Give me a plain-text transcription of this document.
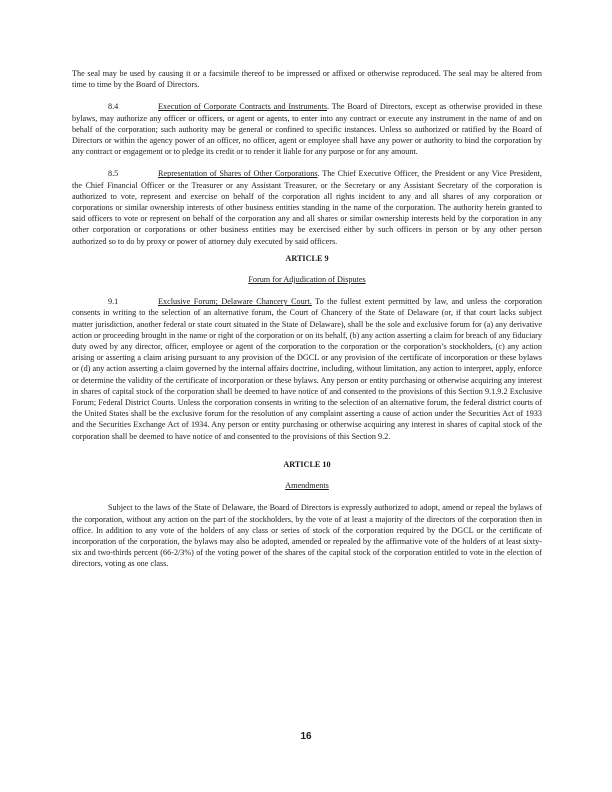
The seal may be used by causing it or a facsimile thereof to be impressed or affixed or otherwise reproduced. The seal may be altered from time to time by the Board of Directors.

8.4	Execution of Corporate Contracts and Instruments. The Board of Directors, except as otherwise provided in these bylaws, may authorize any officer or officers, or agent or agents, to enter into any contract or execute any instrument in the name of and on behalf of the corporation; such authority may be general or confined to specific instances. Unless so authorized or ratified by the Board of Directors or within the agency power of an officer, no officer, agent or employee shall have any power or authority to bind the corporation by any contract or engagement or to pledge its credit or to render it liable for any purpose or for any amount.

8.5	Representation of Shares of Other Corporations. The Chief Executive Officer, the President or any Vice President, the Chief Financial Officer or the Treasurer or any Assistant Treasurer, or the Secretary or any Assistant Secretary of the corporation is authorized to vote, represent and exercise on behalf of the corporation all rights incident to any and all shares of any corporation or corporations or similar ownership interests of other business entities standing in the name of the corporation. The authority herein granted to said officers to vote or represent on behalf of the corporation any and all shares or similar ownership interests held by the corporation in any other corporation or corporations or other business entities may be exercised either by such officers in person or by any other person authorized so to do by proxy or power of attorney duly executed by said officers.

ARTICLE 9
Forum for Adjudication of Disputes

9.1	Exclusive Forum; Delaware Chancery Court. To the fullest extent permitted by law, and unless the corporation consents in writing to the selection of an alternative forum, the Court of Chancery of the State of Delaware (or, if that court lacks subject matter jurisdiction, another federal or state court situated in the State of Delaware), shall be the sole and exclusive forum for (a) any derivative action or proceeding brought in the name or right of the corporation or on its behalf, (b) any action asserting a claim for breach of any fiduciary duty owed by any director, officer, employee or agent of the corporation to the corporation or the corporation’s stockholders, (c) any action arising or asserting a claim arising pursuant to any provision of the DGCL or any provision of the certificate of incorporation or these bylaws or (d) any action asserting a claim governed by the internal affairs doctrine, including, without limitation, any action to interpret, apply, enforce or determine the validity of the certificate of incorporation or these bylaws. Any person or entity purchasing or otherwise acquiring any interest in shares of capital stock of the corporation shall be deemed to have notice of and consented to the provisions of this Section 9.1.9.2 Exclusive Forum; Federal District Courts. Unless the corporation consents in writing to the selection of an alternative forum, the federal district courts of the United States shall be the exclusive forum for the resolution of any complaint asserting a cause of action under the Securities Act of 1933 and the Securities Exchange Act of 1934. Any person or entity purchasing or otherwise acquiring any interest in shares of capital stock of the corporation shall be deemed to have notice of and consented to the provisions of this Section 9.2.

ARTICLE 10
Amendments

Subject to the laws of the State of Delaware, the Board of Directors is expressly authorized to adopt, amend or repeal the bylaws of the corporation, without any action on the part of the stockholders, by the vote of at least a majority of the directors of the corporation then in office. In addition to any vote of the holders of any class or series of stock of the corporation required by the DGCL or the certificate of incorporation of the corporation, the bylaws may also be adopted, amended or repealed by the affirmative vote of the holders of at least sixty-six and two-thirds percent (66-2/3%) of the voting power of the shares of the capital stock of the corporation entitled to vote in the election of directors, voting as one class.

16
